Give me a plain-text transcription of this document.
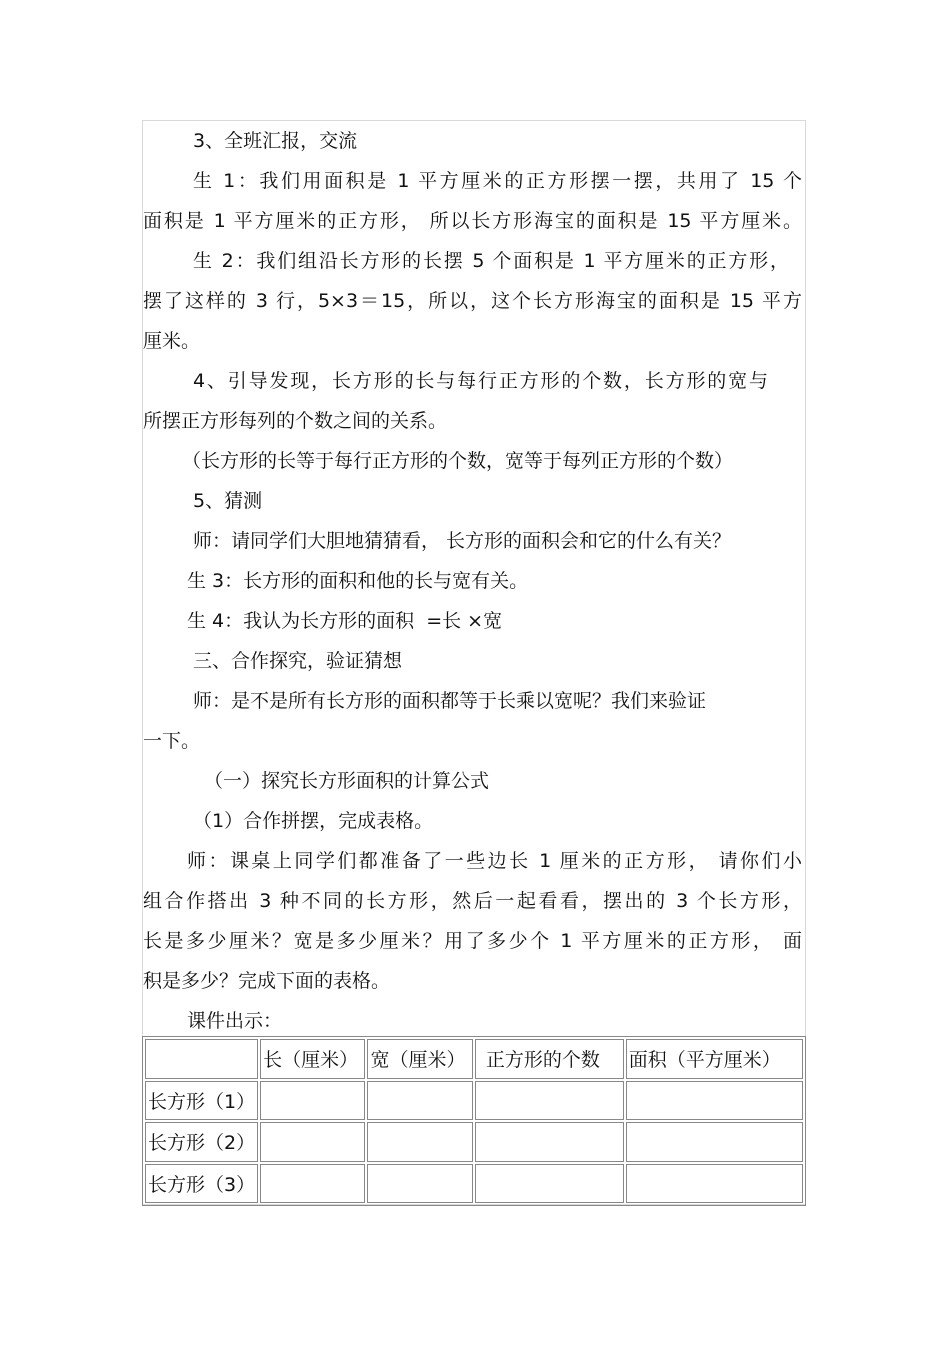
3、全班汇报，交流

生 1：我们用面积是 1 平方厘米的正方形摆一摆，共用了 15 个

面积是 1 平方厘米的正方形， 所以长方形海宝的面积是 15 平方厘米。

生 2：我们组沿长方形的长摆 5 个面积是 1 平方厘米的正方形，

摆了这样的 3 行，5×3＝15，所以，这个长方形海宝的面积是 15 平方

厘米。

4、引导发现，长方形的长与每行正方形的个数，长方形的宽与

所摆正方形每列的个数之间的关系。

（长方形的长等于每行正方形的个数，宽等于每列正方形的个数）

5、猜测

师：请同学们大胆地猜猜看， 长方形的面积会和它的什么有关？

生 3：长方形的面积和他的长与宽有关。

生 4：我认为长方形的面积  =长 ×宽

三、合作探究，验证猜想

师：是不是所有长方形的面积都等于长乘以宽呢？我们来验证

一下。

（一）探究长方形面积的计算公式

（1）合作拼摆，完成表格。

师：课桌上同学们都准备了一些边长 1 厘米的正方形， 请你们小

组合作搭出 3 种不同的长方形，然后一起看看，摆出的 3 个长方形，

长是多少厘米？宽是多少厘米？用了多少个 1 平方厘米的正方形， 面

积是多少？完成下面的表格。

课件出示：

	长（厘米）	宽（厘米）	正方形的个数	面积（平方厘米）
长方形（1）				
长方形（2）				
长方形（3）				
